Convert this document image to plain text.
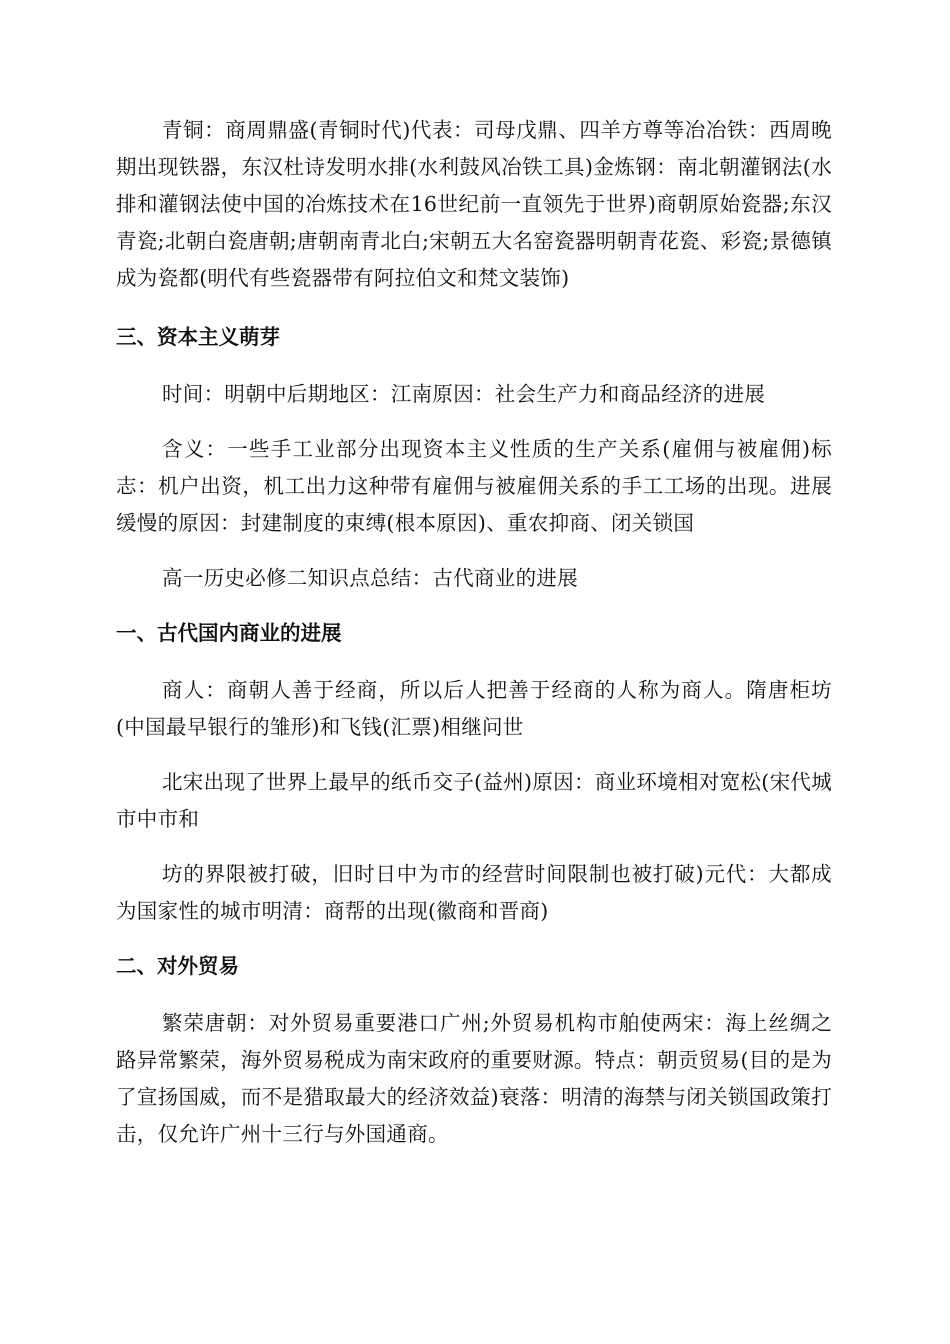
青铜：商周鼎盛(青铜时代)代表：司母戊鼎、四羊方尊等冶冶铁：西周晚期出现铁器，东汉杜诗发明水排(水利鼓风冶铁工具)金炼钢：南北朝灌钢法(水排和灌钢法使中国的冶炼技术在16世纪前一直领先于世界)商朝原始瓷器;东汉青瓷;北朝白瓷唐朝;唐朝南青北白;宋朝五大名窑瓷器明朝青花瓷、彩瓷;景德镇成为瓷都(明代有些瓷器带有阿拉伯文和梵文装饰)

三、资本主义萌芽

时间：明朝中后期地区：江南原因：社会生产力和商品经济的进展

含义：一些手工业部分出现资本主义性质的生产关系(雇佣与被雇佣)标志：机户出资，机工出力这种带有雇佣与被雇佣关系的手工工场的出现。进展缓慢的原因：封建制度的束缚(根本原因)、重农抑商、闭关锁国

高一历史必修二知识点总结：古代商业的进展

一、古代国内商业的进展

商人：商朝人善于经商，所以后人把善于经商的人称为商人。隋唐柜坊(中国最早银行的雏形)和飞钱(汇票)相继问世

北宋出现了世界上最早的纸币交子(益州)原因：商业环境相对宽松(宋代城市中市和

坊的界限被打破，旧时日中为市的经营时间限制也被打破)元代：大都成为国家性的城市明清：商帮的出现(徽商和晋商)

二、对外贸易

繁荣唐朝：对外贸易重要港口广州;外贸易机构市舶使两宋：海上丝绸之路异常繁荣，海外贸易税成为南宋政府的重要财源。特点：朝贡贸易(目的是为了宣扬国威，而不是猎取最大的经济效益)衰落：明清的海禁与闭关锁国政策打击，仅允许广州十三行与外国通商。
